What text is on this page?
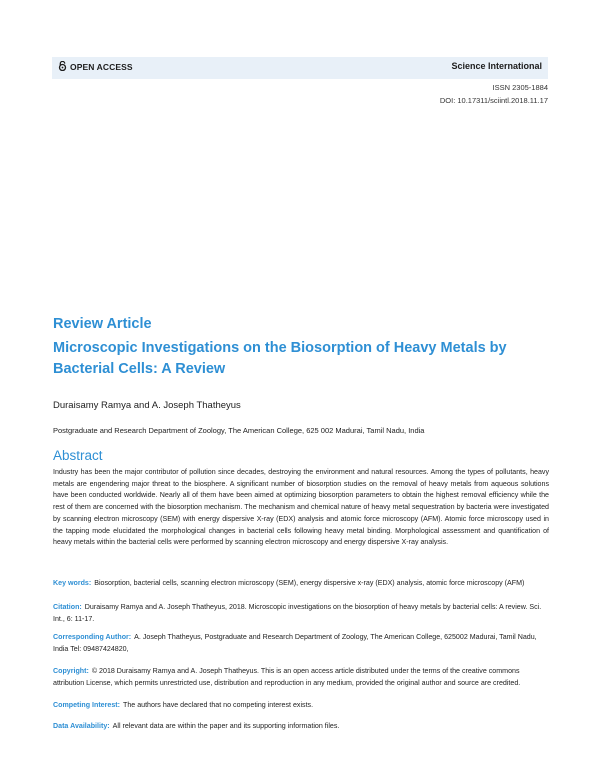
OPEN ACCESS	Science International
ISSN 2305-1884
DOI: 10.17311/sciintl.2018.11.17
Review Article
Microscopic Investigations on the Biosorption of Heavy Metals by Bacterial Cells: A Review
Duraisamy Ramya and A. Joseph Thatheyus
Postgraduate and Research Department of Zoology, The American College, 625 002 Madurai, Tamil Nadu, India
Abstract

Industry has been the major contributor of pollution since decades, destroying the environment and natural resources. Among the types of pollutants, heavy metals are engendering major threat to the biosphere. A significant number of biosorption studies on the removal of heavy metals from aqueous solutions have been conducted worldwide. Nearly all of them have been aimed at optimizing biosorption parameters to obtain the highest removal efficiency while the rest of them are concerned with the biosorption mechanism. The mechanism and chemical nature of heavy metal sequestration by bacteria were investigated by scanning electron microscopy (SEM) with energy dispersive X-ray (EDX) analysis and atomic force microscopy (AFM). Atomic force microscopy used in the tapping mode elucidated the morphological changes in bacterial cells following heavy metal binding. Morphological assessment and quantification of heavy metals within the bacterial cells were performed by scanning electron microscopy and energy dispersive X-ray analysis.

Key words: Biosorption, bacterial cells, scanning electron microscopy (SEM), energy dispersive x-ray (EDX) analysis, atomic force microscopy (AFM)

Citation: Duraisamy Ramya and A. Joseph Thatheyus, 2018. Microscopic investigations on the biosorption of heavy metals by bacterial cells: A review. Sci. Int., 6: 11-17.

Corresponding Author: A. Joseph Thatheyus, Postgraduate and Research Department of Zoology, The American College, 625002 Madurai, Tamil Nadu, India Tel: 09487424820,

Copyright: © 2018 Duraisamy Ramya and A. Joseph Thatheyus. This is an open access article distributed under the terms of the creative commons attribution License, which permits unrestricted use, distribution and reproduction in any medium, provided the original author and source are credited.

Competing Interest: The authors have declared that no competing interest exists.

Data Availability: All relevant data are within the paper and its supporting information files.
